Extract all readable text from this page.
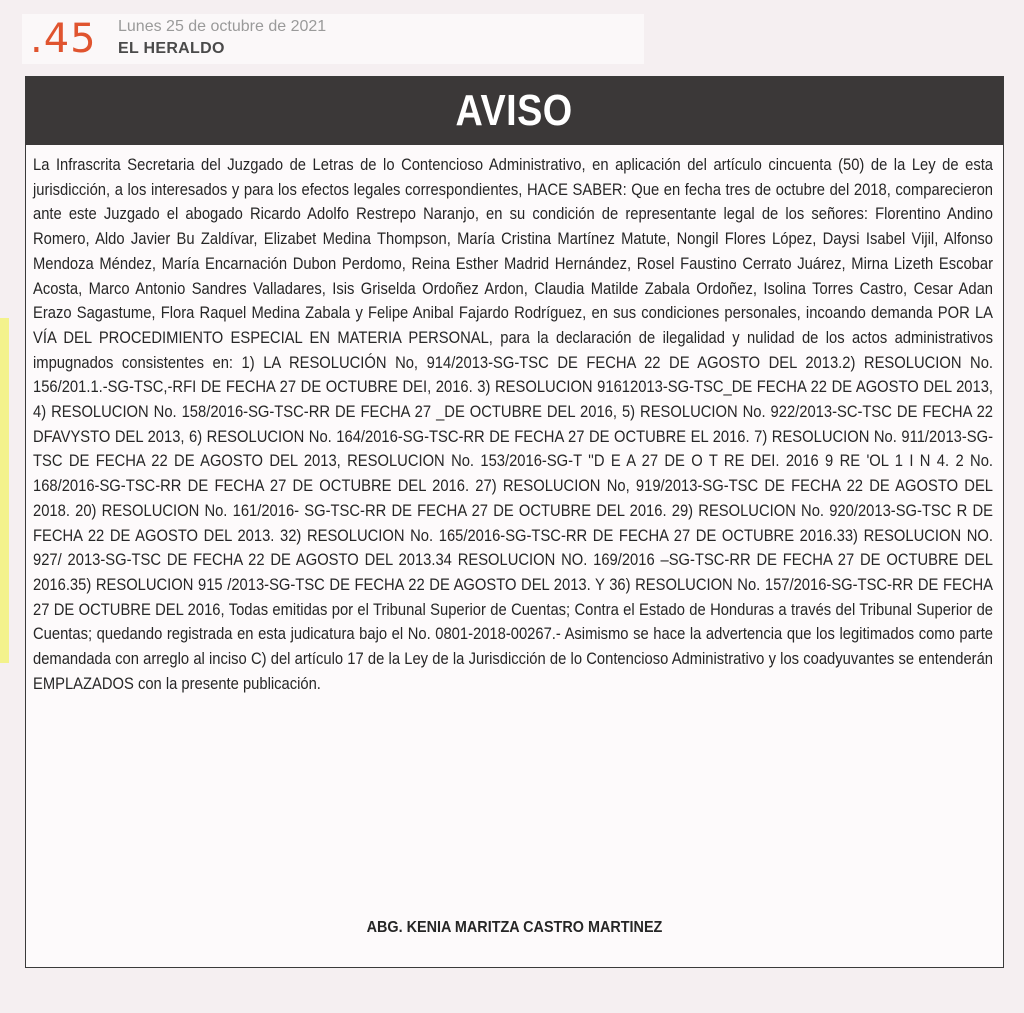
.45 Lunes 25 de octubre de 2021
EL HERALDO
AVISO

La Infrascrita Secretaria del Juzgado de Letras de lo Contencioso Administrativo, en aplicación del artículo cincuenta (50) de la Ley de esta jurisdicción, a los interesados y para los efectos legales correspondientes, HACE SABER: Que en fecha tres de octubre del 2018, comparecieron ante este Juzgado el abogado Ricardo Adolfo Restrepo Naranjo, en su condición de representante legal de los señores: Florentino Andino Romero, Aldo Javier Bu Zaldívar, Elizabet Medina Thompson, María Cristina Martínez Matute, Nongil Flores López, Daysi Isabel Vijil, Alfonso Mendoza Méndez, María Encarnación Dubon Perdomo, Reina Esther Madrid Hernández, Rosel Faustino Cerrato Juárez, Mirna Lizeth Escobar Acosta, Marco Antonio Sandres Valladares, Isis Griselda Ordoñez Ardon, Claudia Matilde Zabala Ordoñez, Isolina Torres Castro, Cesar Adan Erazo Sagastume, Flora Raquel Medina Zabala y Felipe Anibal Fajardo Rodríguez, en sus condiciones personales, incoando demanda POR LA VÍA DEL PROCEDIMIENTO ESPECIAL EN MATERIA PERSONAL, para la declaración de ilegalidad y nulidad de los actos administrativos impugnados consistentes en: 1) LA RESOLUCIÓN No, 914/2013-SG-TSC DE FECHA 22 DE AGOSTO DEL 2013.2) RESOLUCION No. 156/201.1.-SG-TSC,-RFI DE FECHA 27 DE OCTUBRE DEI, 2016. 3) RESOLUCION 91612013-SG-TSC_DE FECHA 22 DE AGOSTO DEL 2013, 4) RESOLUCION No. 158/2016-SG-TSC-RR DE FECHA 27 _DE OCTUBRE DEL 2016, 5) RESOLUCION No. 922/2013-SC-TSC DE FECHA 22 DFAVYSTO DEL 2013, 6) RESOLUCION No. 164/2016-SG-TSC-RR DE FECHA 27 DE OCTUBRE EL 2016. 7) RESOLUCION No. 911/2013-SG-TSC DE FECHA 22 DE AGOSTO DEL 2013, RESOLUCION No. 153/2016-SG-T ''D E A 27 DE O T RE DEI. 2016 9 RE 'OL 1 I N 4. 2 No. 168/2016-SG-TSC-RR DE FECHA 27 DE OCTUBRE DEL 2016. 27) RESOLUCION No, 919/2013-SG-TSC DE FECHA 22 DE AGOSTO DEL 2018. 20) RESOLUCION No. 161/2016- SG-TSC-RR DE FECHA 27 DE OCTUBRE DEL 2016. 29) RESOLUCION No. 920/2013-SG-TSC R DE FECHA 22 DE AGOSTO DEL 2013. 32) RESOLUCION No. 165/2016-SG-TSC-RR DE FECHA 27 DE OCTUBRE 2016.33) RESOLUCION NO. 927/ 2013-SG-TSC DE FECHA 22 DE AGOSTO DEL 2013.34 RESOLUCION NO. 169/2016 –SG-TSC-RR DE FECHA 27 DE OCTUBRE DEL 2016.35) RESOLUCION 915 /2013-SG-TSC DE FECHA 22 DE AGOSTO DEL 2013. Y 36) RESOLUCION No. 157/2016-SG-TSC-RR DE FECHA 27 DE OCTUBRE DEL 2016, Todas emitidas por el Tribunal Superior de Cuentas; Contra el Estado de Honduras a través del Tribunal Superior de Cuentas; quedando registrada en esta judicatura bajo el No. 0801-2018-00267.- Asimismo se hace la advertencia que los legitimados como parte demandada con arreglo al inciso C) del artículo 17 de la Ley de la Jurisdicción de lo Contencioso Administrativo y los coadyuvantes se entenderán EMPLAZADOS con la presente publicación.

ABG. KENIA MARITZA CASTRO MARTINEZ
